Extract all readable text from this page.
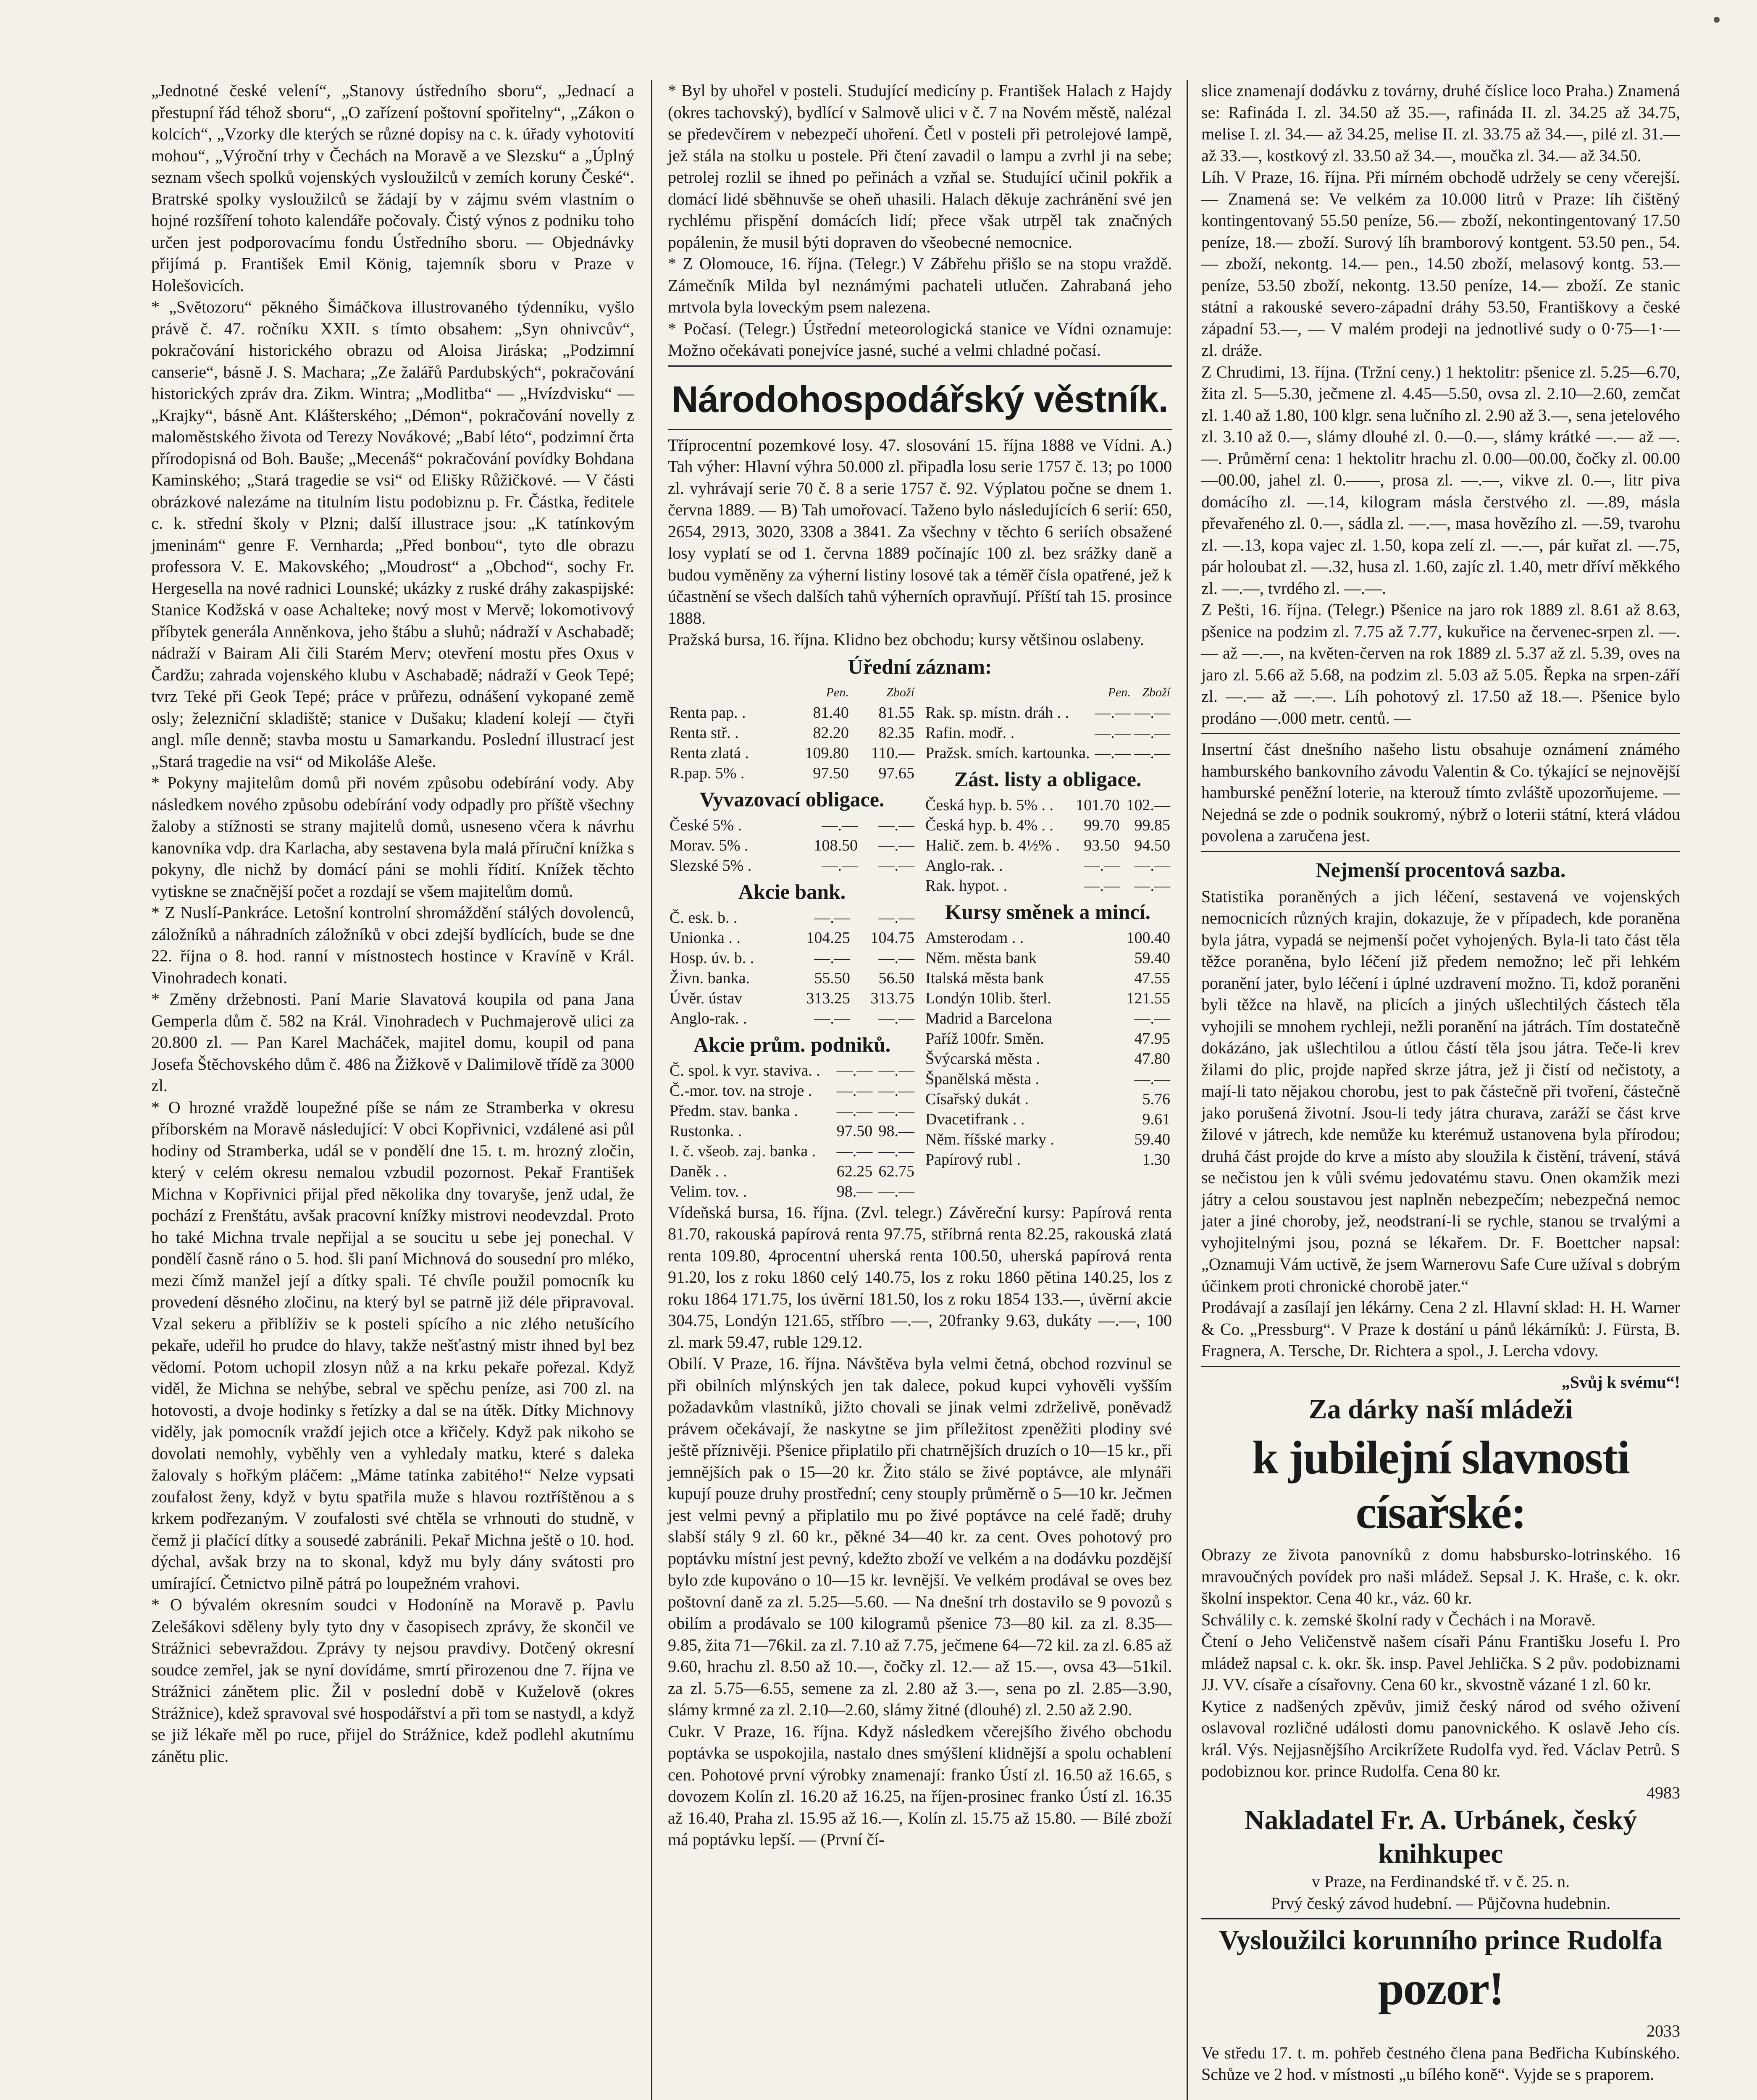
„Jednotné české velení“, „Stanovy ústředního sboru“, „Jednací a přestupní řád téhož sboru“, „O zařízení poštovní spořitelny“, „Zákon o kolcích“, „Vzorky dle kterých se různé dopisy na c. k. úřady vyhotovití mohou“, „Výroční trhy v Čechách na Moravě a ve Slezsku“ a „Úplný seznam všech spolků vojenských vysloužilců v zemích koruny České“. Bratrské spolky vysloužilců se žádají by v zájmu svém vlastním o hojné rozšíření tohoto kalendáře počovaly. Čistý výnos z podniku toho určen jest podporovacímu fondu Ústředního sboru. — Objednávky přijímá p. František Emil König, tajemník sboru v Praze v Holešovicích.

* „Světozoru“ pěkného Šimáčkova illustrovaného týdenníku, vyšlo právě č. 47. ročníku XXII. s tímto obsahem: „Syn ohnivcův“, pokračování historického obrazu od Aloisa Jiráska; „Podzimní canserie“, básně J. S. Machara; „Ze žalářů Pardubských“, pokračování historických zpráv dra. Zikm. Wintra; „Modlitba“ — „Hvízdvisku“ — „Krajky“, básně Ant. Klášterského; „Démon“, pokračování novelly z maloměstského života od Terezy Novákové; „Babí léto“, podzimní črta přírodopisná od Boh. Bauše; „Mecenáš“ pokračování povídky Bohdana Kaminského; „Stará tragedie se vsi“ od Elišky Růžičkové. — V části obrázkové nalezáme na titulním listu podobiznu p. Fr. Částka, ředitele c. k. střední školy v Plzni; další illustrace jsou: „K tatínkovým jmeninám“ genre F. Vernharda; „Před bonbou“, tyto dle obrazu professora V. E. Makovského; „Moudrost“ a „Obchod“, sochy Fr. Hergesella na nové radnici Lounské; ukázky z ruské dráhy zakaspijské: Stanice Kodžská v oase Achalteke; nový most v Mervě; lokomotivový příbytek generála Anněnkova, jeho štábu a sluhů; nádraží v Aschabadě; nádraží v Bairam Ali čili Starém Merv; otevření mostu přes Oxus v Čardžu; zahrada vojenského klubu v Aschabadě; nádraží v Geok Tepé; tvrz Teké při Geok Tepé; práce v průřezu, odnášení vykopané země osly; železniční skladiště; stanice v Dušaku; kladení kolejí — čtyři angl. míle denně; stavba mostu u Samarkandu. Poslední illustrací jest „Stará tragedie na vsi“ od Mikoláše Aleše.

* Pokyny majitelům domů při novém způsobu odebírání vody. Aby následkem nového způsobu odebírání vody odpadly pro příště všechny žaloby a stížnosti se strany majitelů domů, usneseno včera k návrhu kanovníka vdp. dra Karlacha, aby sestavena byla malá příruční knížka s pokyny, dle nichž by domácí páni se mohli řídití. Knížek těchto vytiskne se značnější počet a rozdají se všem majitelům domů.

* Z Nuslí-Pankráce. Letošní kontrolní shromáždění stálých dovolenců, záložníků a náhradních záložníků v obci zdejší bydlících, bude se dne 22. října o 8. hod. ranní v místnostech hostince v Kravíně v Král. Vinohradech konati.

* Změny držebnosti. Paní Marie Slavatová koupila od pana Jana Gemperla dům č. 582 na Král. Vinohradech v Puchmajerově ulici za 20.800 zl. — Pan Karel Macháček, majitel domu, koupil od pana Josefa Štěchovského dům č. 486 na Žižkově v Dalimilově třídě za 3000 zl.

* O hrozné vraždě loupežné píše se nám ze Stramberka v okresu příborském na Moravě následující: V obci Kopřivnici, vzdálené asi půl hodiny od Stramberka, udál se v pondělí dne 15. t. m. hrozný zločin, který v celém okresu nemalou vzbudil pozornost. Pekař František Michna v Kopřivnici přijal před několika dny tovaryše, jenž udal, že pochází z Frenštátu, avšak pracovní knížky mistrovi neodevzdal. Proto ho také Michna trvale nepřijal a se soucitu u sebe jej ponechal. V pondělí časně ráno o 5. hod. šli paní Michnová do sousední pro mléko, mezi čímž manžel její a dítky spali. Té chvíle použil pomocník ku provedení děsného zločinu, na který byl se patrně již déle připravoval. Vzal sekeru a přiblíživ se k posteli spícího a nic zlého netušícího pekaře, udeřil ho prudce do hlavy, takže nešťastný mistr ihned byl bez vědomí. Potom uchopil zlosyn nůž a na krku pekaře pořezal. Když viděl, že Michna se nehýbe, sebral ve spěchu peníze, asi 700 zl. na hotovosti, a dvoje hodinky s řetízky a dal se na útěk. Dítky Michnovy viděly, jak pomocník vraždí jejich otce a křičely. Když pak nikoho se dovolati nemohly, vyběhly ven a vyhledaly matku, které s daleka žalovaly s hořkým pláčem: „Máme tatínka zabitého!“ Nelze vypsati zoufalost ženy, když v bytu spatřila muže s hlavou roztříštěnou a s krkem podřezaným. V zoufalosti své chtěla se vrhnouti do studně, v čemž ji plačící dítky a sousedé zabránili. Pekař Michna ještě o 10. hod. dýchal, avšak brzy na to skonal, když mu byly dány svátosti pro umírající. Četnictvo pilně pátrá po loupežném vrahovi.

* O bývalém okresním soudci v Hodoníně na Moravě p. Pavlu Zelešákovi sděleny byly tyto dny v časopisech zprávy, že skončil ve Strážnici sebevraždou. Zprávy ty nejsou pravdivy. Dotčený okresní soudce zemřel, jak se nyní dovídáme, smrtí přirozenou dne 7. října ve Strážnici zánětem plic. Žil v poslední době v Kuželově (okres Strážnice), kdež spravoval své hospodářství a při tom se nastydl, a když se již lékaře měl po ruce, přijel do Strážnice, kdež podlehl akutnímu zánětu plic.

* Byl by uhořel v posteli. Studující medicíny p. František Halach z Hajdy (okres tachovský), bydlící v Salmově ulici v č. 7 na Novém městě, nalézal se předevčírem v nebezpečí uhoření. Četl v posteli při petrolejové lampě, jež stála na stolku u postele. Při čtení zavadil o lampu a zvrhl ji na sebe; petrolej rozlil se ihned po peřinách a vzňal se. Studující učinil pokřik a domácí lidé sběhnuvše se oheň uhasili. Halach děkuje zachránění své jen rychlému přispění domácích lidí; přece však utrpěl tak značných popálenin, že musil býti dopraven do všeobecné nemocnice.

* Z Olomouce, 16. října. (Telegr.) V Zábřehu přišlo se na stopu vraždě. Zámečník Milda byl neznámými pachateli utlučen. Zahrabaná jeho mrtvola byla loveckým psem nalezena.

* Počasí. (Telegr.) Ústřední meteorologická stanice ve Vídni oznamuje: Možno očekávati ponejvíce jasné, suché a velmi chladné počasí.

Národohospodářský věstník.

Tříprocentní pozemkové losy. 47. slosování 15. října 1888 ve Vídni. A.) Tah výher: Hlavní výhra 50.000 zl. připadla losu serie 1757 č. 13; po 1000 zl. vyhrávají serie 70 č. 8 a serie 1757 č. 92. Výplatou počne se dnem 1. června 1889. — B) Tah umořovací. Taženo bylo následujících 6 serií: 650, 2654, 2913, 3020, 3308 a 3841. Za všechny v těchto 6 seriích obsažené losy vyplatí se od 1. června 1889 počínajíc 100 zl. bez srážky daně a budou vyměněny za výherní listiny losové tak a téměř čísla opatřené, jež k účastnění se všech dalších tahů výherních opravňují. Příští tah 15. prosince 1888.

Pražská bursa, 16. října. Klidno bez obchodu; kursy většinou oslabeny.

Úřední záznam:
	Pen.	Zboží
Renta pap. .	81.40	81.55
Renta stř. .	82.20	82.35
Renta zlatá .	109.80	110.—
R.pap. 5% .	97.50	97.65
Vyvazovací obligace.
České 5% .	—.—	—.—
Morav. 5% .	108.50	—.—
Slezské 5% .	—.—	—.—
Akcie bank.
Č. esk. b. .	—.—	—.—
Unionka . .	104.25	104.75
Hosp. úv. b. .	—.—	—.—
Živn. banka.	55.50	56.50
Úvěr. ústav	313.25	313.75
Anglo-rak. .	—.—	—.—
Akcie prům. podniků.
Č. spol. k vyr. staviva. .	—.—	—.—
Č.-mor. tov. na stroje .	—.—	—.—
Předm. stav. banka .	—.—	—.—
Rustonka. .	97.50	98.—
I. č. všeob. zaj. banka .	—.—	—.—
Daněk . .	62.25	62.75
Velim. tov. .	98.—	—.—
	Pen.	Zboží
Rak. sp. místn. dráh . .	—.—	—.—
Rafin. modř. .	—.—	—.—
Pražsk. smích. kartounka.	—.—	—.—
Zást. listy a obligace.
Česká hyp. b. 5% . .	101.70	102.—
Česká hyp. b. 4% . .	99.70	99.85
Halič. zem. b. 4½% .	93.50	94.50
Anglo-rak. .	—.—	—.—
Rak. hypot. .	—.—	—.—
Kursy směnek a mincí.
Amsterodam . .	100.40
Něm. města bank	59.40
Italská města bank	47.55
Londýn 10lib. šterl.	121.55
Madrid a Barcelona	—.—
Paříž 100fr. Směn.	47.95
Švýcarská města .	47.80
Španělská města .	—.—
Císařský dukát .	5.76
Dvacetifrank . .	9.61
Něm. říšské marky .	59.40
Papírový rubl .	1.30

Vídeňská bursa, 16. října. (Zvl. telegr.) Závěreční kursy: Papírová renta 81.70, rakouská papírová renta 97.75, stříbrná renta 82.25, rakouská zlatá renta 109.80, 4procentní uherská renta 100.50, uherská papírová renta 91.20, los z roku 1860 celý 140.75, los z roku 1860 pětina 140.25, los z roku 1864 171.75, los úvěrní 181.50, los z roku 1854 133.—, úvěrní akcie 304.75, Londýn 121.65, stříbro —.—, 20franky 9.63, dukáty —.—, 100 zl. mark 59.47, ruble 129.12.

Obilí. V Praze, 16. října. Návštěva byla velmi četná, obchod rozvinul se při obilních mlýnských jen tak dalece, pokud kupci vyhověli vyšším požadavkům vlastníků, jižto chovali se jinak velmi zdrželivě, poněvadž právem očekávají, že naskytne se jim příležitost zpeněžiti plodiny své ještě příznivěji. Pšenice připlatilo při chatrnějších druzích o 10—15 kr., při jemnějších pak o 15—20 kr. Žito stálo se živé poptávce, ale mlynáři kupují pouze druhy prostřední; ceny stouply průměrně o 5—10 kr. Ječmen jest velmi pevný a připlatilo mu po živé poptávce na celé řadě; druhy slabší stály 9 zl. 60 kr., pěkné 34—40 kr. za cent. Oves pohotový pro poptávku místní jest pevný, kdežto zboží ve velkém a na dodávku pozdější bylo zde kupováno o 10—15 kr. levnější. Ve velkém prodával se oves bez poštovní daně za zl. 5.25—5.60. — Na dnešní trh dostavilo se 9 povozů s obilím a prodávalo se 100 kilogramů pšenice 73—80 kil. za zl. 8.35—9.85, žita 71—76kil. za zl. 7.10 až 7.75, ječmene 64—72 kil. za zl. 6.85 až 9.60, hrachu zl. 8.50 až 10.—, čočky zl. 12.— až 15.—, ovsa 43—51kil. za zl. 5.75—6.55, semene za zl. 2.80 až 3.—, sena po zl. 2.85—3.90, slámy krmné za zl. 2.10—2.60, slámy žitné (dlouhé) zl. 2.50 až 2.90.

Cukr. V Praze, 16. října. Když následkem včerejšího živého obchodu poptávka se uspokojila, nastalo dnes smýšlení klidnější a spolu ochablení cen. Pohotové první výrobky znamenají: franko Ústí zl. 16.50 až 16.65, s dovozem Kolín zl. 16.20 až 16.25, na říjen-prosinec franko Ústí zl. 16.35 až 16.40, Praha zl. 15.95 až 16.—, Kolín zl. 15.75 až 15.80. — Bílé zboží má poptávku lepší. — (První čí-

slice znamenají dodávku z továrny, druhé číslice loco Praha.) Znamená se: Rafináda I. zl. 34.50 až 35.—, rafináda II. zl. 34.25 až 34.75, melise I. zl. 34.— až 34.25, melise II. zl. 33.75 až 34.—, pilé zl. 31.— až 33.—, kostkový zl. 33.50 až 34.—, moučka zl. 34.— až 34.50.

Líh. V Praze, 16. října. Při mírném obchodě udržely se ceny včerejší. — Znamená se: Ve velkém za 10.000 litrů v Praze: líh čištěný kontingentovaný 55.50 peníze, 56.— zboží, nekontingentovaný 17.50 peníze, 18.— zboží. Surový líh bramborový kontgent. 53.50 pen., 54.— zboží, nekontg. 14.— pen., 14.50 zboží, melasový kontg. 53.— peníze, 53.50 zboží, nekontg. 13.50 peníze, 14.— zboží. Ze stanic státní a rakouské severo-západní dráhy 53.50, Františkovy a české západní 53.—, — V malém prodeji na jednotlivé sudy o 0·75—1·— zl. dráže.

Z Chrudimi, 13. října. (Tržní ceny.) 1 hektolitr: pšenice zl. 5.25—6.70, žita zl. 5—5.30, ječmene zl. 4.45—5.50, ovsa zl. 2.10—2.60, zemčat zl. 1.40 až 1.80, 100 klgr. sena lučního zl. 2.90 až 3.—, sena jetelového zl. 3.10 až 0.—, slámy dlouhé zl. 0.—0.—, slámy krátké —.— až —.—. Průměrní cena: 1 hektolitr hrachu zl. 0.00—00.00, čočky zl. 00.00—00.00, jahel zl. 0.——, prosa zl. —.—, vikve zl. 0.—, litr piva domácího zl. —.14, kilogram másla čerstvého zl. —.89, másla převařeného zl. 0.—, sádla zl. —.—, masa hovězího zl. —.59, tvarohu zl. —.13, kopa vajec zl. 1.50, kopa zelí zl. —.—, pár kuřat zl. —.75, pár holoubat zl. —.32, husa zl. 1.60, zajíc zl. 1.40, metr dříví měkkého zl. —.—, tvrdého zl. —.—.

Z Pešti, 16. října. (Telegr.) Pšenice na jaro rok 1889 zl. 8.61 až 8.63, pšenice na podzim zl. 7.75 až 7.77, kukuřice na červenec-srpen zl. —.— až —.—, na květen-červen na rok 1889 zl. 5.37 až zl. 5.39, oves na jaro zl. 5.66 až 5.68, na podzim zl. 5.03 až 5.05. Řepka na srpen-září zl. —.— až —.—. Líh pohotový zl. 17.50 až 18.—. Pšenice bylo prodáno —.000 metr. centů. —

Insertní část dnešního našeho listu obsahuje oznámení známého hamburského bankovního závodu Valentin & Co. týkající se nejnovější hamburské peněžní loterie, na kterouž tímto zvláště upozorňujeme. — Nejedná se zde o podnik soukromý, nýbrž o loterii státní, která vládou povolena a zaručena jest.

Nejmenší procentová sazba.

Statistika poraněných a jich léčení, sestavená ve vojenských nemocnicích různých krajin, dokazuje, že v případech, kde poraněna byla játra, vypadá se nejmenší počet vyhojených. Byla-li tato část těla těžce poraněna, bylo léčení již předem nemožno; leč při lehkém poranění jater, bylo léčení i úplné uzdravení možno. Ti, kdož poraněni byli těžce na hlavě, na plicích a jiných ušlechtilých částech těla vyhojili se mnohem rychleji, nežli poranění na játrách. Tím dostatečně dokázáno, jak ušlechtilou a útlou částí těla jsou játra. Teče-li krev žilami do plic, projde napřed skrze játra, jež ji čistí od nečistoty, a mají-li tato nějakou chorobu, jest to pak částečně při tvoření, částečně jako porušená životní. Jsou-li tedy játra churava, zaráží se část krve žilové v játrech, kde nemůže ku kterémuž ustanovena byla přírodou; druhá část projde do krve a místo aby sloužila k čistění, trávení, stává se nečistou jen k vůli svému jedovatému stavu. Onen okamžik mezi játry a celou soustavou jest naplněn nebezpečím; nebezpečná nemoc jater a jiné choroby, jež, neodstraní-li se rychle, stanou se trvalými a vyhojitelnými jsou, pozná se lékařem. Dr. F. Boettcher napsal: „Oznamuji Vám uctivě, že jsem Warnerovu Safe Cure užíval s dobrým účinkem proti chronické chorobě jater.“

Prodávají a zasílají jen lékárny. Cena 2 zl. Hlavní sklad: H. H. Warner & Co. „Pressburg“. V Praze k dostání u pánů lékárníků: J. Fürsta, B. Fragnera, A. Tersche, Dr. Richtera a spol., J. Lercha vdovy.

„Svůj k svému“!
Za dárky naší mládeži
k jubilejní slavnosti císařské:

Obrazy ze života panovníků z domu habsbursko-lotrinského. 16 mravoučných povídek pro naši mládež. Sepsal J. K. Hraše, c. k. okr. školní inspektor. Cena 40 kr., váz. 60 kr.

Schválily c. k. zemské školní rady v Čechách i na Moravě.

Čtení o Jeho Veličenstvě našem císaři Pánu Františku Josefu I. Pro mládež napsal c. k. okr. šk. insp. Pavel Jehlička. S 2 pův. podobiznami JJ. VV. císaře a císařovny. Cena 60 kr., skvostně vázané 1 zl. 60 kr.

Kytice z nadšených zpěvův, jimiž český národ od svého oživení oslavoval rozličné události domu panovnického. K oslavě Jeho cís. král. Výs. Nejjasnějšího Arcikrížete Rudolfa vyd. řed. Václav Petrů. S podobiznou kor. prince Rudolfa. Cena 80 kr.

4983
Nakladatel Fr. A. Urbánek, český knihkupec
v Praze, na Ferdinandské tř. v č. 25. n.
Prvý český závod hudební. — Půjčovna hudebnin.
Vysloužilci korunního prince Rudolfa
pozor!
2033

Ve středu 17. t. m. pohřeb čestného člena pana Bedřicha Kubínského. Schůze ve 2 hod. v místnosti „u bílého koně“. Vyjde se s praporem.
